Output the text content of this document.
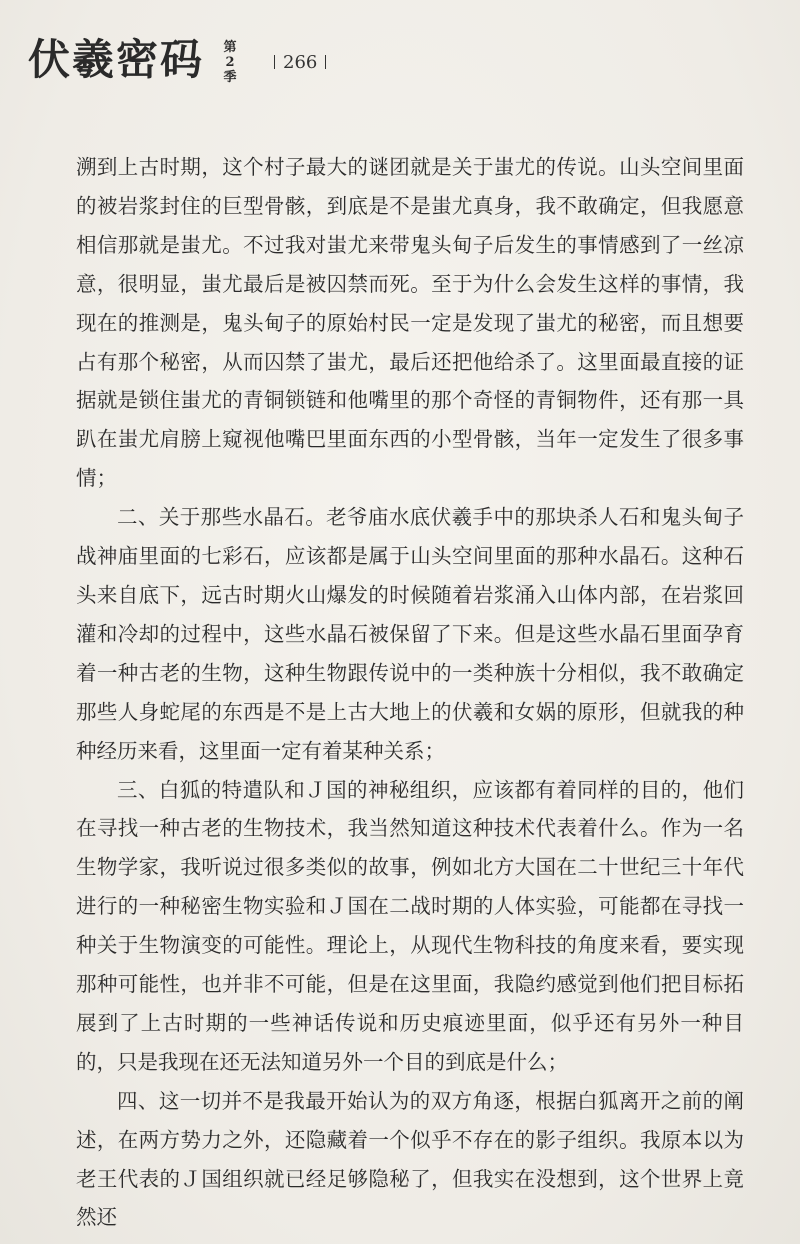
伏羲密码 第2季
266

溯到上古时期，这个村子最大的谜团就是关于蚩尤的传说。山头空间里面的被岩浆封住的巨型骨骸，到底是不是蚩尤真身，我不敢确定，但我愿意相信那就是蚩尤。不过我对蚩尤来带鬼头甸子后发生的事情感到了一丝凉意，很明显，蚩尤最后是被囚禁而死。至于为什么会发生这样的事情，我现在的推测是，鬼头甸子的原始村民一定是发现了蚩尤的秘密，而且想要占有那个秘密，从而囚禁了蚩尤，最后还把他给杀了。这里面最直接的证据就是锁住蚩尤的青铜锁链和他嘴里的那个奇怪的青铜物件，还有那一具趴在蚩尤肩膀上窥视他嘴巴里面东西的小型骨骸，当年一定发生了很多事情；

二、关于那些水晶石。老爷庙水底伏羲手中的那块杀人石和鬼头甸子战神庙里面的七彩石，应该都是属于山头空间里面的那种水晶石。这种石头来自底下，远古时期火山爆发的时候随着岩浆涌入山体内部，在岩浆回灌和冷却的过程中，这些水晶石被保留了下来。但是这些水晶石里面孕育着一种古老的生物，这种生物跟传说中的一类种族十分相似，我不敢确定那些人身蛇尾的东西是不是上古大地上的伏羲和女娲的原形，但就我的种种经历来看，这里面一定有着某种关系；

三、白狐的特遣队和Ｊ国的神秘组织，应该都有着同样的目的，他们在寻找一种古老的生物技术，我当然知道这种技术代表着什么。作为一名生物学家，我听说过很多类似的故事，例如北方大国在二十世纪三十年代进行的一种秘密生物实验和Ｊ国在二战时期的人体实验，可能都在寻找一种关于生物演变的可能性。理论上，从现代生物科技的角度来看，要实现那种可能性，也并非不可能，但是在这里面，我隐约感觉到他们把目标拓展到了上古时期的一些神话传说和历史痕迹里面，似乎还有另外一种目的，只是我现在还无法知道另外一个目的到底是什么；

四、这一切并不是我最开始认为的双方角逐，根据白狐离开之前的阐述，在两方势力之外，还隐藏着一个似乎不存在的影子组织。我原本以为老王代表的Ｊ国组织就已经足够隐秘了，但我实在没想到，这个世界上竟然还
